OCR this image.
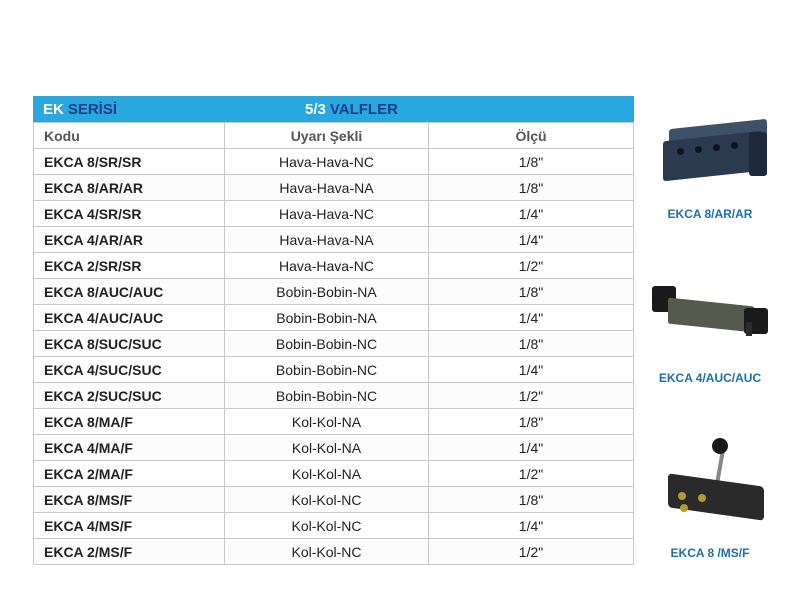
EK SERİSİ	5/3 VALFLER
Kodu	Uyarı Şekli	Ölçü
EKCA 8/SR/SR	Hava-Hava-NC	1/8"
EKCA 8/AR/AR	Hava-Hava-NA	1/8"
EKCA 4/SR/SR	Hava-Hava-NC	1/4"
EKCA 4/AR/AR	Hava-Hava-NA	1/4"
EKCA 2/SR/SR	Hava-Hava-NC	1/2"
EKCA 8/AUC/AUC	Bobin-Bobin-NA	1/8"
EKCA 4/AUC/AUC	Bobin-Bobin-NA	1/4"
EKCA 8/SUC/SUC	Bobin-Bobin-NC	1/8"
EKCA 4/SUC/SUC	Bobin-Bobin-NC	1/4"
EKCA 2/SUC/SUC	Bobin-Bobin-NC	1/2"
EKCA 8/MA/F	Kol-Kol-NA	1/8"
EKCA 4/MA/F	Kol-Kol-NA	1/4"
EKCA 2/MA/F	Kol-Kol-NA	1/2"
EKCA 8/MS/F	Kol-Kol-NC	1/8"
EKCA 4/MS/F	Kol-Kol-NC	1/4"
EKCA 2/MS/F	Kol-Kol-NC	1/2"
EKCA 8/AR/AR
EKCA 4/AUC/AUC
EKCA 8 /MS/F
